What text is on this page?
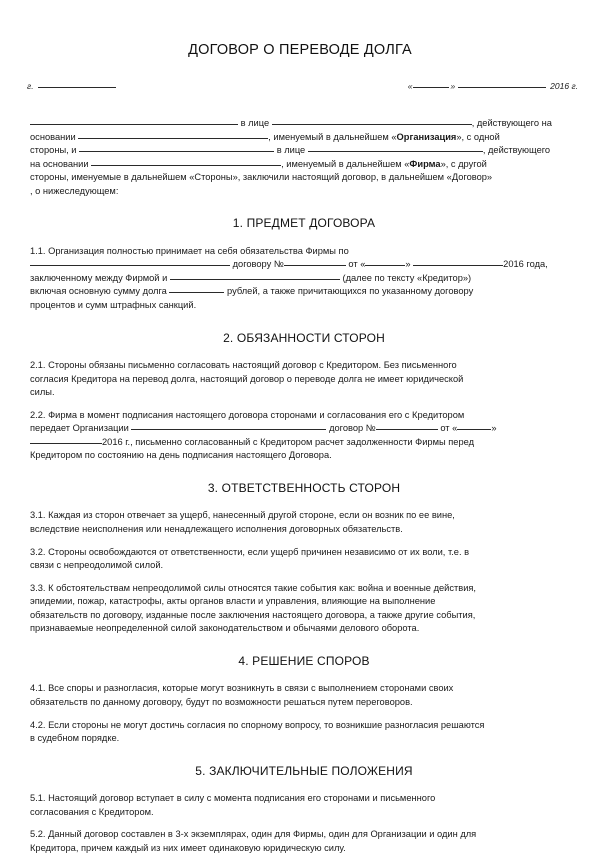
ДОГОВОР О ПЕРЕВОДЕ ДОЛГА
г.	«	»	2016 г.
в лице	, действующего на
основании	, именуемый в дальнейшем «Организация», с одной
стороны, и	в лице	, действующего
на основании	, именуемый в дальнейшем «Фирма», с другой
стороны, именуемые в дальнейшем «Стороны», заключили настоящий договор, в дальнейшем «Договор»
, о нижеследующем:
1. ПРЕДМЕТ ДОГОВОРА
1.1. Организация полностью принимает на себя обязательства Фирмы по
договору №	от «	»	2016 года,
заключенному между Фирмой и	(далее по тексту «Кредитор»)
включая основную сумму долга	рублей, а также причитающихся по указанному договору
процентов и сумм штрафных санкций.
2. ОБЯЗАННОСТИ СТОРОН
2.1. Стороны обязаны письменно согласовать настоящий договор с Кредитором. Без письменного
согласия Кредитора на перевод долга, настоящий договор о переводе долга не имеет юридической
силы.
2.2. Фирма в момент подписания настоящего договора сторонами и согласования его с Кредитором
передает Организации	договор №	от «	»
2016 г., письменно согласованный с Кредитором расчет задолженности Фирмы перед
Кредитором по состоянию на день подписания настоящего Договора.
3. ОТВЕТСТВЕННОСТЬ СТОРОН
3.1. Каждая из сторон отвечает за ущерб, нанесенный другой стороне, если он возник по ее вине,
вследствие неисполнения или ненадлежащего исполнения договорных обязательств.
3.2. Стороны освобождаются от ответственности, если ущерб причинен независимо от их воли, т.е. в
связи с непреодолимой силой.
3.3. К обстоятельствам непреодолимой силы относятся такие события как: война и военные действия,
эпидемии, пожар, катастрофы, акты органов власти и управления, влияющие на выполнение
обязательств по договору, изданные после заключения настоящего договора, а также другие события,
признаваемые неопределенной силой законодательством и обычаями делового оборота.
4. РЕШЕНИЕ СПОРОВ
4.1. Все споры и разногласия, которые могут возникнуть в связи с выполнением сторонами своих
обязательств по данному договору, будут по возможности решаться путем переговоров.
4.2. Если стороны не могут достичь согласия по спорному вопросу, то возникшие разногласия решаются
в судебном порядке.
5. ЗАКЛЮЧИТЕЛЬНЫЕ ПОЛОЖЕНИЯ
5.1. Настоящий договор вступает в силу с момента подписания его сторонами и письменного
согласования с Кредитором.
5.2. Данный договор составлен в 3-х экземплярах, один для Фирмы, один для Организации и один для
Кредитора, причем каждый из них имеет одинаковую юридическую силу.
